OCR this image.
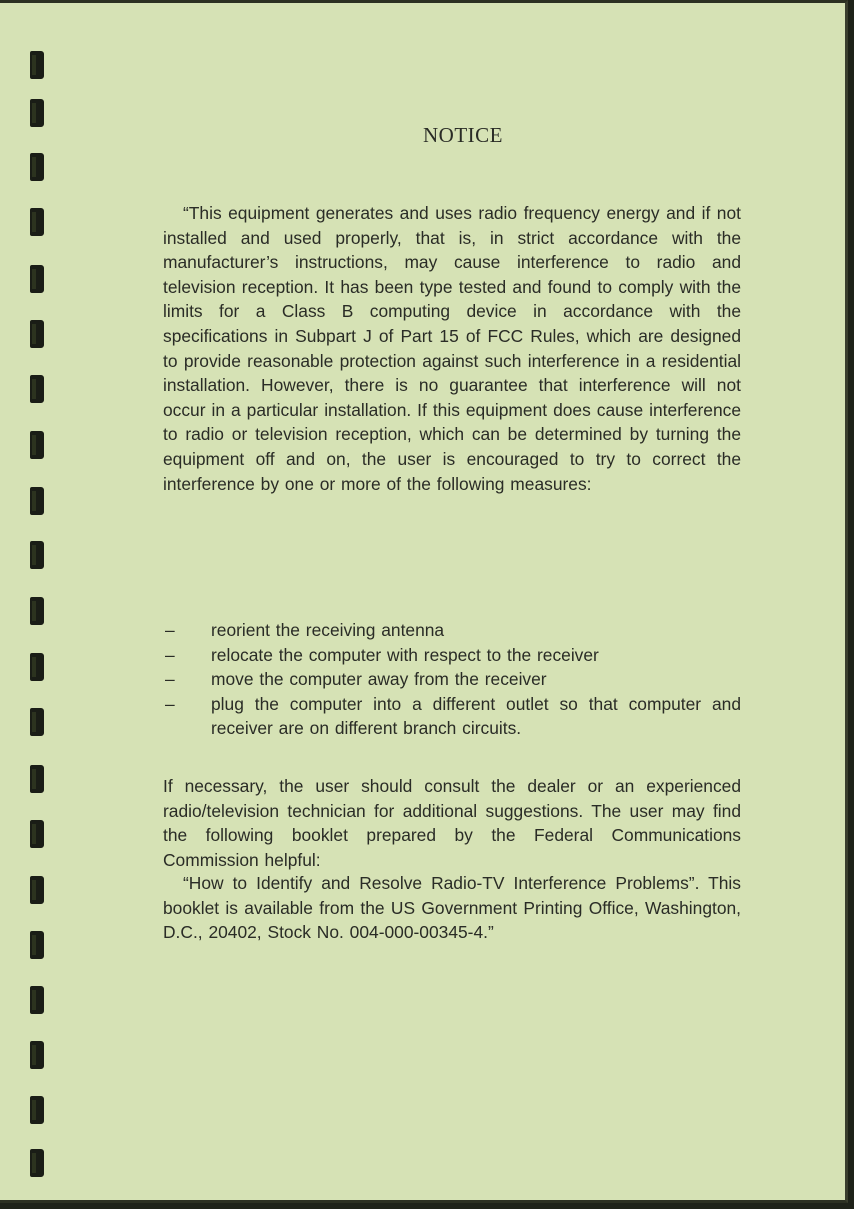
NOTICE

“This equipment generates and uses radio frequency energy and if not installed and used properly, that is, in strict accordance with the manufacturer’s instructions, may cause interference to radio and television reception. It has been type tested and found to comply with the limits for a Class B computing device in accordance with the specifications in Subpart J of Part 15 of FCC Rules, which are designed to provide reasonable protection against such interference in a residential installation. However, there is no guarantee that interference will not occur in a particular installation. If this equipment does cause interference to radio or television reception, which can be determined by turning the equipment off and on, the user is encouraged to try to correct the interference by one or more of the following measures:

– reorient the receiving antenna
– relocate the computer with respect to the receiver
– move the computer away from the receiver
– plug the computer into a different outlet so that computer and receiver are on different branch circuits.

If necessary, the user should consult the dealer or an experienced radio/television technician for additional suggestions. The user may find the following booklet prepared by the Federal Communications Commission helpful:

“How to Identify and Resolve Radio-TV Interference Problems”. This booklet is available from the US Government Printing Office, Washington, D.C., 20402, Stock No. 004-000-00345-4.”
